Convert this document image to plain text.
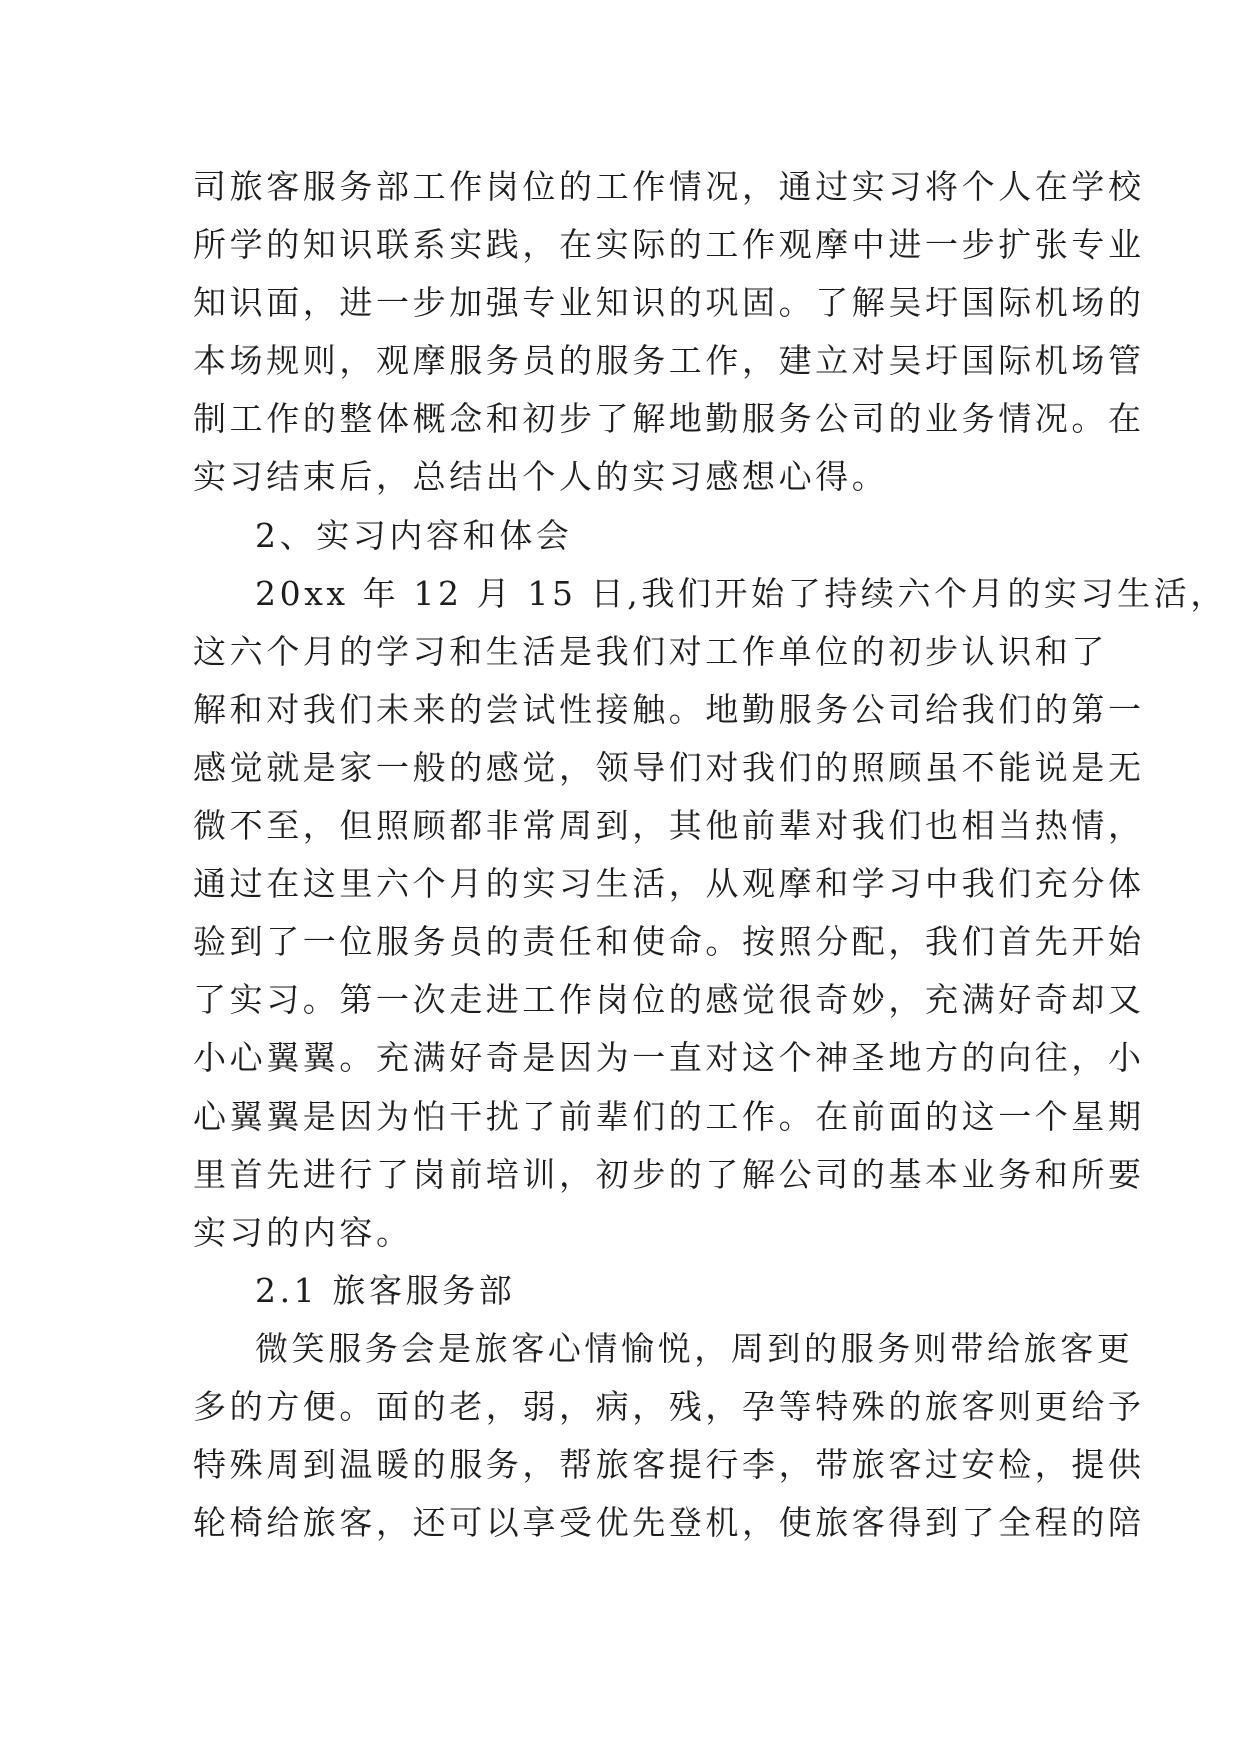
司旅客服务部工作岗位的工作情况，通过实习将个人在学校
所学的知识联系实践，在实际的工作观摩中进一步扩张专业
知识面，进一步加强专业知识的巩固。了解吴圩国际机场的
本场规则，观摩服务员的服务工作，建立对吴圩国际机场管
制工作的整体概念和初步了解地勤服务公司的业务情况。在
实习结束后，总结出个人的实习感想心得。
2、实习内容和体会
20xx 年 12 月 15 日,我们开始了持续六个月的实习生活，
这六个月的学习和生活是我们对工作单位的初步认识和了
解和对我们未来的尝试性接触。地勤服务公司给我们的第一
感觉就是家一般的感觉，领导们对我们的照顾虽不能说是无
微不至，但照顾都非常周到，其他前辈对我们也相当热情，
通过在这里六个月的实习生活，从观摩和学习中我们充分体
验到了一位服务员的责任和使命。按照分配，我们首先开始
了实习。第一次走进工作岗位的感觉很奇妙，充满好奇却又
小心翼翼。充满好奇是因为一直对这个神圣地方的向往，小
心翼翼是因为怕干扰了前辈们的工作。在前面的这一个星期
里首先进行了岗前培训，初步的了解公司的基本业务和所要
实习的内容。
2.1 旅客服务部
微笑服务会是旅客心情愉悦，周到的服务则带给旅客更
多的方便。面的老，弱，病，残，孕等特殊的旅客则更给予
特殊周到温暖的服务，帮旅客提行李，带旅客过安检，提供
轮椅给旅客，还可以享受优先登机，使旅客得到了全程的陪
